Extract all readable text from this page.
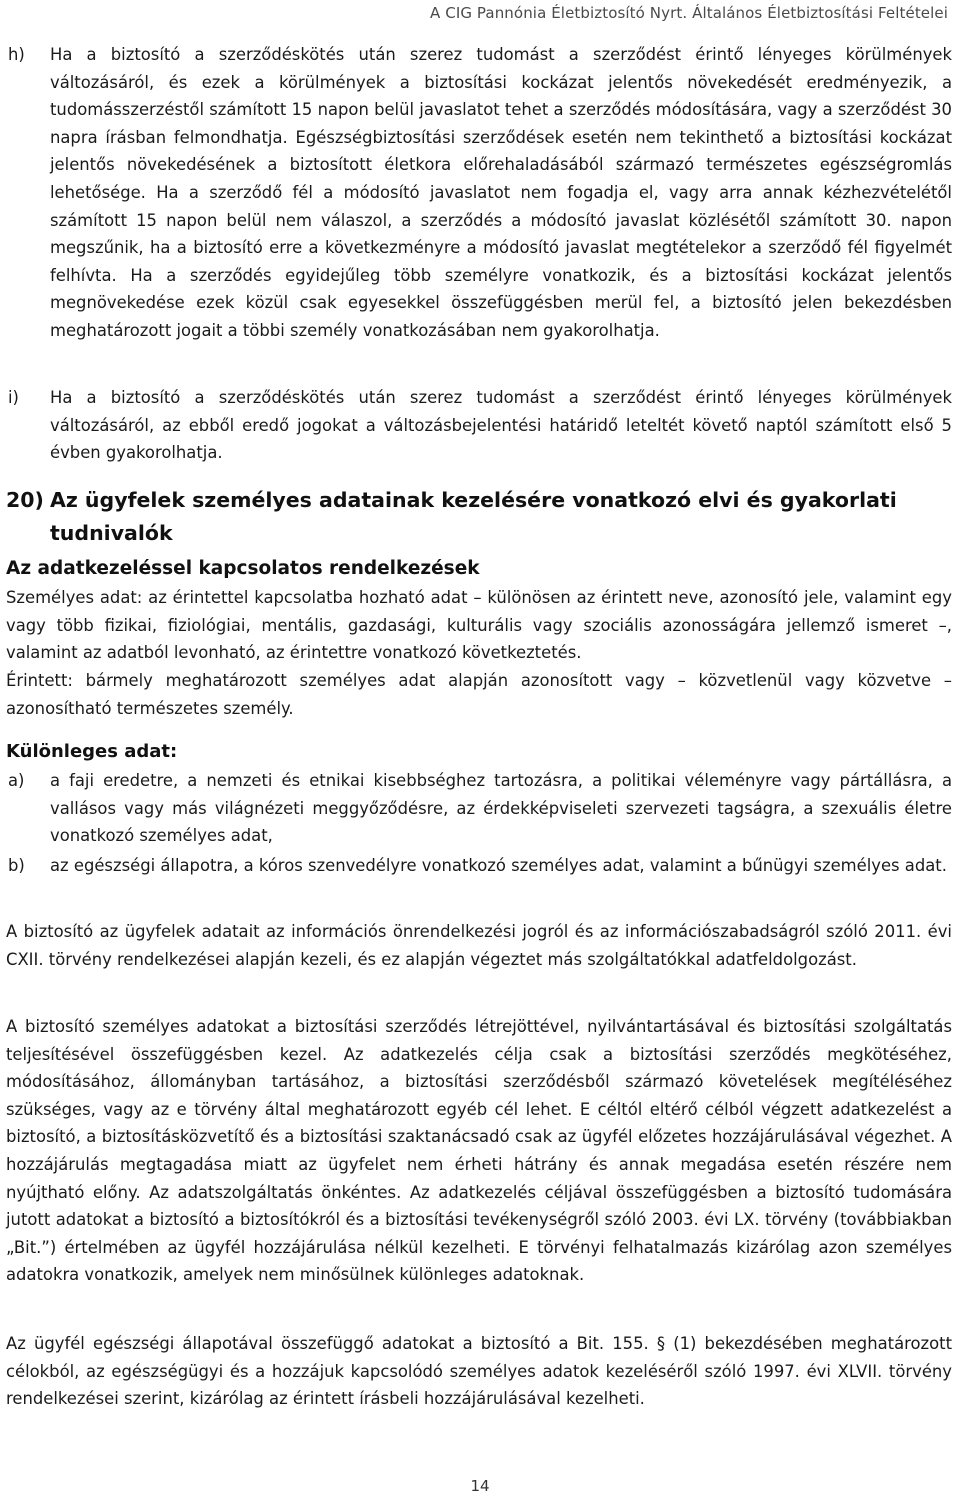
A CIG Pannónia Életbiztosító Nyrt. Általános Életbiztosítási Feltételei
h)	Ha a biztosító a szerződéskötés után szerez tudomást a szerződést érintő lényeges körülmények változásáról, és ezek a körülmények a biztosítási kockázat jelentős növekedését eredményezik, a tudomásszerzéstől számított 15 napon belül javaslatot tehet a szerződés módosítására, vagy a szerződést 30 napra írásban felmondhatja. Egészségbiztosítási szerződések esetén nem tekinthető a biztosítási kockázat jelentős növekedésének a biztosított életkora előrehaladásából származó természetes egészségromlás lehetősége. Ha a szerződő fél a módosító javaslatot nem fogadja el, vagy arra annak kézhezvételétől számított 15 napon belül nem válaszol, a szerződés a módosító javaslat közlésétől számított 30. napon megszűnik, ha a biztosító erre a következményre a módosító javaslat megtételekor a szerződő fél figyelmét felhívta. Ha a szerződés egyidejűleg több személyre vonatkozik, és a biztosítási kockázat jelentős megnövekedése ezek közül csak egyesekkel összefüggésben merül fel, a biztosító jelen bekezdésben meghatározott jogait a többi személy vonatkozásában nem gyakorolhatja.

i)	Ha a biztosító a szerződéskötés után szerez tudomást a szerződést érintő lényeges körülmények változásáról, az ebből eredő jogokat a változásbejelentési határidő leteltét követő naptól számított első 5 évben gyakorolhatja.

20) Az ügyfelek személyes adatainak kezelésére vonatkozó elvi és gyakorlati tudnivalók
Az adatkezeléssel kapcsolatos rendelkezések

Személyes adat: az érintettel kapcsolatba hozható adat – különösen az érintett neve, azonosító jele, valamint egy vagy több fizikai, fiziológiai, mentális, gazdasági, kulturális vagy szociális azonosságára jellemző ismeret –, valamint az adatból levonható, az érintettre vonatkozó következtetés.

Érintett: bármely meghatározott személyes adat alapján azonosított vagy – közvetlenül vagy közvetve – azonosítható természetes személy.

Különleges adat:
a)	a faji eredetre, a nemzeti és etnikai kisebbséghez tartozásra, a politikai véleményre vagy pártállásra, a vallásos vagy más világnézeti meggyőződésre, az érdekképviseleti szervezeti tagságra, a szexuális életre vonatkozó személyes adat,

b)	az egészségi állapotra, a kóros szenvedélyre vonatkozó személyes adat, valamint a bűnügyi személyes adat.

A biztosító az ügyfelek adatait az információs önrendelkezési jogról és az információszabadságról szóló 2011. évi CXII. törvény rendelkezései alapján kezeli, és ez alapján végeztet más szolgáltatókkal adatfeldolgozást.

A biztosító személyes adatokat a biztosítási szerződés létrejöttével, nyilvántartásával és biztosítási szolgáltatás teljesítésével összefüggésben kezel. Az adatkezelés célja csak a biztosítási szerződés megkötéséhez, módosításához, állományban tartásához, a biztosítási szerződésből származó követelések megítéléséhez szükséges, vagy az e törvény által meghatározott egyéb cél lehet. E céltól eltérő célból végzett adatkezelést a biztosító, a biztosításközvetítő és a biztosítási szaktanácsadó csak az ügyfél előzetes hozzájárulásával végezhet. A hozzájárulás megtagadása miatt az ügyfelet nem érheti hátrány és annak megadása esetén részére nem nyújtható előny. Az adatszolgáltatás önkéntes. Az adatkezelés céljával összefüggésben a biztosító tudomására jutott adatokat a biztosító a biztosítókról és a biztosítási tevékenységről szóló 2003. évi LX. törvény (továbbiakban „Bit.”) értelmében az ügyfél hozzájárulása nélkül kezelheti. E törvényi felhatalmazás kizárólag azon személyes adatokra vonatkozik, amelyek nem minősülnek különleges adatoknak.

Az ügyfél egészségi állapotával összefüggő adatokat a biztosító a Bit. 155. § (1) bekezdésében meghatározott célokból, az egészségügyi és a hozzájuk kapcsolódó személyes adatok kezeléséről szóló 1997. évi XLVII. törvény rendelkezései szerint, kizárólag az érintett írásbeli hozzájárulásával kezelheti.

14
